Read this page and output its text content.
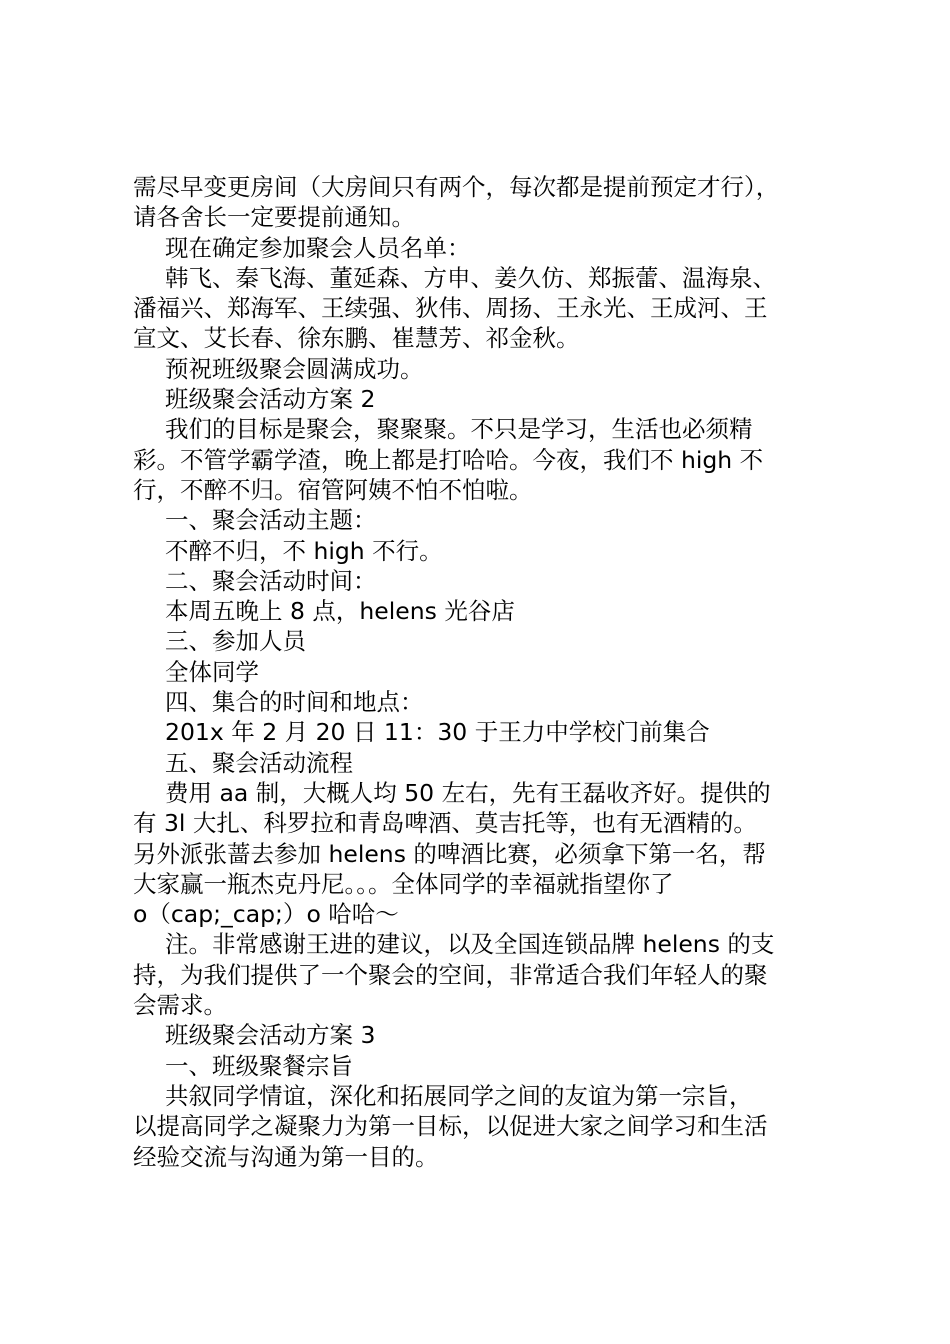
需尽早变更房间（大房间只有两个，每次都是提前预定才行），
请各舍长一定要提前通知。
现在确定参加聚会人员名单：
韩飞、秦飞海、董延森、方申、姜久仿、郑振蕾、温海泉、
潘福兴、郑海军、王续强、狄伟、周扬、王永光、王成河、王
宣文、艾长春、徐东鹏、崔慧芳、祁金秋。
预祝班级聚会圆满成功。
班级聚会活动方案 2
我们的目标是聚会，聚聚聚。不只是学习，生活也必须精
彩。不管学霸学渣，晚上都是打哈哈。今夜，我们不 high 不
行，不醉不归。宿管阿姨不怕不怕啦。
一、聚会活动主题：
不醉不归，不 high 不行。
二、聚会活动时间：
本周五晚上 8 点，helens 光谷店
三、参加人员
全体同学
四、集合的时间和地点：
201x 年 2 月 20 日 11：30 于王力中学校门前集合
五、聚会活动流程
费用 aa 制，大概人均 50 左右，先有王磊收齐好。提供的
有 3l 大扎、科罗拉和青岛啤酒、莫吉托等，也有无酒精的。
另外派张蔷去参加 helens 的啤酒比赛，必须拿下第一名，帮
大家赢一瓶杰克丹尼。。。全体同学的幸福就指望你了
o（cap;_cap;）o 哈哈～
注。非常感谢王进的建议，以及全国连锁品牌 helens 的支
持，为我们提供了一个聚会的空间，非常适合我们年轻人的聚
会需求。
班级聚会活动方案 3
一、班级聚餐宗旨
共叙同学情谊，深化和拓展同学之间的友谊为第一宗旨，
以提高同学之凝聚力为第一目标，以促进大家之间学习和生活
经验交流与沟通为第一目的。
